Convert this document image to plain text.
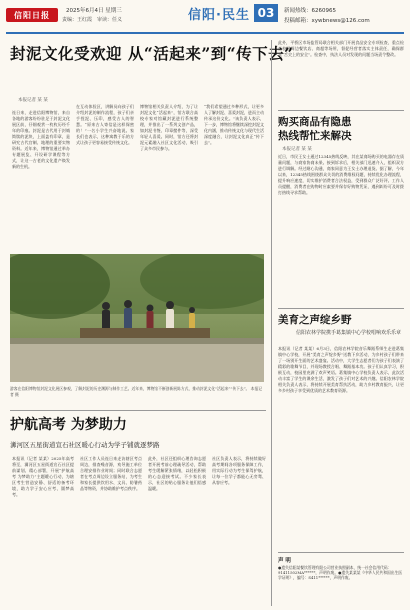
信阳日报	2025年6月4日 星期三
责编：王红霞 审读：任义	信阳·民生 03	新闻热线：6260965
投稿邮箱：xywbnews@126.com
封泥文化受欢迎 从“活起来”到“传下去”
本报记者 某 某
连日来，走进信阳博物馆，来自各地的游客纷纷驻足于封泥文化展区前，仔细观赏一枚枚历经千年的印痕。封泥是古代用于封缄简牍的泥块，上面盖有印章，是研究古代官制、地理的重要实物资料。近年来，博物馆通过举办专题展览、开设研学课程等方式，让这一古老的文化遗产焕发新的生机。
在互动体验区，讲解员向孩子们介绍封泥的制作流程，孩子们亲手捏泥、压印，感受古人的智慧。“原来古人寄信是这样保密的！”一名小学生兴奋地说。家长们也表示，这种寓教于乐的方式让孩子更容易接受传统文化。
博物馆相关负责人介绍，为了让封泥文化“活起来”，馆方联合高校专家对馆藏封泥进行系统整理，并推出了一系列文创产品，如封泥书签、印章摆件等，深受年轻人喜爱。同时，馆方还将封泥元素融入社区文化活动，吸引了众多市民参与。
“我们希望通过多种形式，让更多人了解封泥、喜爱封泥，进而主动传承这份文化。”该负责人表示，下一步，博物馆将继续深挖封泥文化内涵，推动传统文化与现代生活深度融合，让封泥文化真正“传下去”。
游客在信阳博物馆封泥文化展区参观，了解封泥的历史渊源与制作工艺。近年来，博物馆不断创新展陈方式，推动封泥文化“活起来”“传下去”。 本报记者 摄
护航高考 为梦助力
浉河区五星街道宣石社区暖心行动为学子铺就逐梦路
本报讯（记者 某某）2025年高考将至，浉河区五星街道宣石社区提前谋划、精心部署，开展“护航高考 为梦助力”主题暖心行动，为辖区考生营造安静、舒适的备考环境，助力学子安心应考、圆梦高考。
社区工作人员连日来走访辖区考点周边，排查噪音源，劝导施工单位合理安排作业时间；同时联合志愿者在考点周边设立服务站，为考生和家长提供饮用水、文具、防暑药品等物资，并协助维护考点秩序。
此外，社区还组织心理咨询志愿者开展考前心理疏导活动，帮助考生缓解紧张情绪，以轻松积极的心态迎接考试。不少家长表示，社区的贴心服务让他们倍感温暖。
社区负责人表示，将持续做好高考期间各项服务保障工作，用实际行动为考生保驾护航，让每一位学子都能心无旁骛、从容应考。
此外，平桥区市场监管局联合相关部门开展食品安全专项检查，重点检查校园周边餐饮店、商超等场所，督促经营者落实主体责任，确保群众“舌尖上的安全”。检查中，执法人员对发现的问题当场责令整改。
购买商品有隐患
热线帮忙来解决
本报记者 某 某
近日，市民王女士通过12345热线反映，其在某商场购买的电器存在质量问题，与商家协商未果。接到诉求后，相关部门迅速介入，组织双方进行调解。经过耐心沟通，商家同意为王女士办理退货。据了解，今年以来，12345热线围绕群众关切的消费维权问题，持续优化办理流程，提升响应速度，切实维护消费者合法权益，受到群众广泛好评。工作人员提醒，消费者在购物时应索要并保存好购物凭证，遇到纠纷可及时拨打热线寻求帮助。
美育之声绽乡野
信阳农林学院携手葛集镇中心学校唱响欢乐乐章
本报讯（记者 某某）6月3日，信阳农林学院音乐舞蹈系师生走进葛集镇中心学校，开展“美育之声绽乡野”送教下乡活动，为乡村孩子们带来了一场别开生面的艺术盛宴。活动中，大学生志愿者们为孩子们表演了精彩的歌舞节目，并现场教授合唱、舞蹈基本功。孩子们认真学习，积极互动，校园里充满了欢声笑语。葛集镇中心学校负责人表示，此次活动丰富了学生的课余生活，激发了孩子们对艺术的兴趣。信阳农林学院相关负责人表示，将持续开展美育帮扶活动，助力乡村教育振兴，让更多乡村孩子享受到优质的艺术教育资源。
声 明
●遗失信阳某餐饮管理有限公司营业执照副本，统一社会信用代码：91411502MA******，声明作废。●遗失某某某《中华人民共和国出生医学证明》，编号：S411******，声明作废。
